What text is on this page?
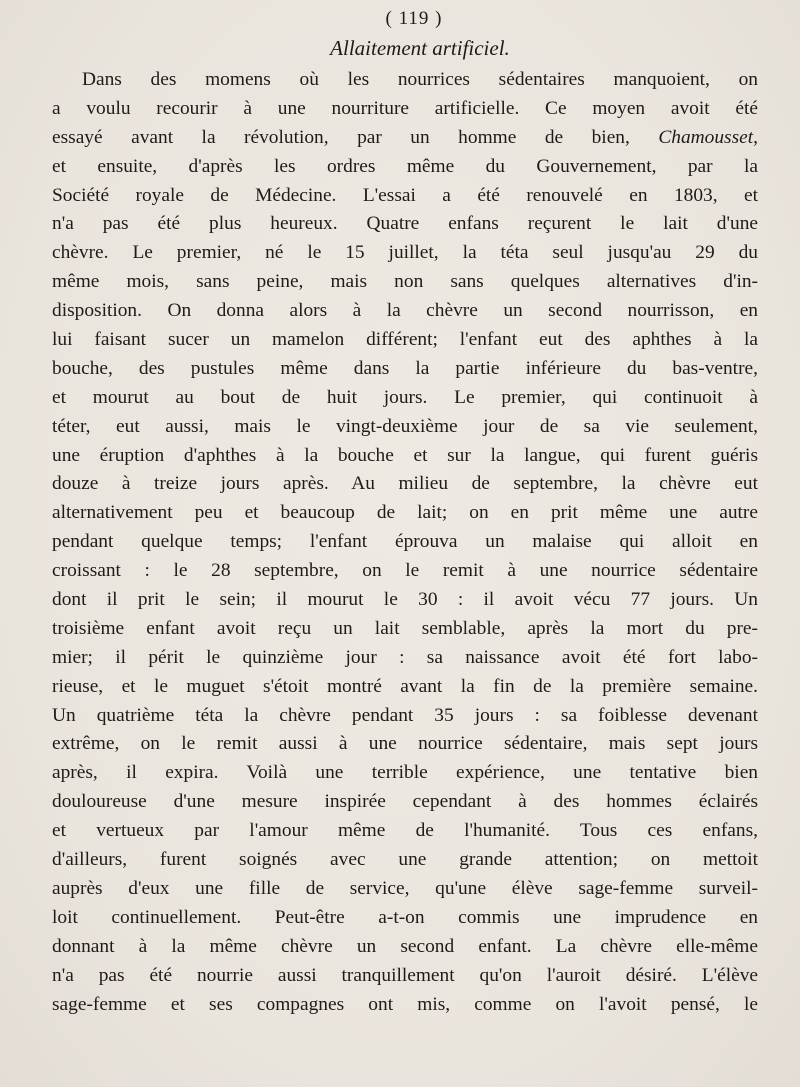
( 119 )
Allaitement artificiel.
Dans des momens où les nourrices sédentaires manquoient, on
a voulu recourir à une nourriture artificielle. Ce moyen avoit été
essayé avant la révolution, par un homme de bien, Chamousset,
et ensuite, d'après les ordres même du Gouvernement, par la
Société royale de Médecine. L'essai a été renouvelé en 1803, et
n'a pas été plus heureux. Quatre enfans reçurent le lait d'une
chèvre. Le premier, né le 15 juillet, la téta seul jusqu'au 29 du
même mois, sans peine, mais non sans quelques alternatives d'in-
disposition. On donna alors à la chèvre un second nourrisson, en
lui faisant sucer un mamelon différent; l'enfant eut des aphthes à la
bouche, des pustules même dans la partie inférieure du bas-ventre,
et mourut au bout de huit jours. Le premier, qui continuoit à
téter, eut aussi, mais le vingt-deuxième jour de sa vie seulement,
une éruption d'aphthes à la bouche et sur la langue, qui furent guéris
douze à treize jours après. Au milieu de septembre, la chèvre eut
alternativement peu et beaucoup de lait; on en prit même une autre
pendant quelque temps; l'enfant éprouva un malaise qui alloit en
croissant : le 28 septembre, on le remit à une nourrice sédentaire
dont il prit le sein; il mourut le 30 : il avoit vécu 77 jours. Un
troisième enfant avoit reçu un lait semblable, après la mort du pre-
mier; il périt le quinzième jour : sa naissance avoit été fort labo-
rieuse, et le muguet s'étoit montré avant la fin de la première semaine.
Un quatrième téta la chèvre pendant 35 jours : sa foiblesse devenant
extrême, on le remit aussi à une nourrice sédentaire, mais sept jours
après, il expira. Voilà une terrible expérience, une tentative bien
douloureuse d'une mesure inspirée cependant à des hommes éclairés
et vertueux par l'amour même de l'humanité. Tous ces enfans,
d'ailleurs, furent soignés avec une grande attention; on mettoit
auprès d'eux une fille de service, qu'une élève sage-femme surveil-
loit continuellement. Peut-être a-t-on commis une imprudence en
donnant à la même chèvre un second enfant. La chèvre elle-même
n'a pas été nourrie aussi tranquillement qu'on l'auroit désiré. L'élève
sage-femme et ses compagnes ont mis, comme on l'avoit pensé, le
